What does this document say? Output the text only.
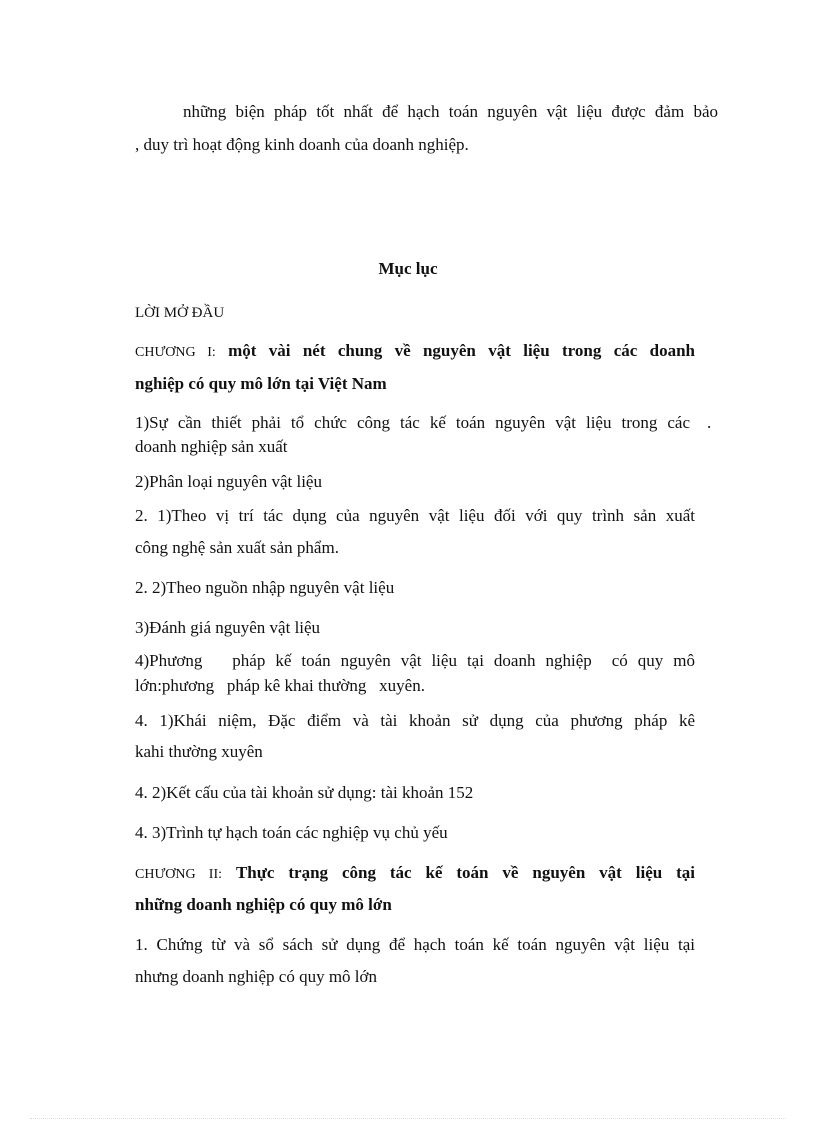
những biện pháp tốt nhất để hạch toán nguyên vật liệu được đảm bảo
, duy trì hoạt động kinh doanh của doanh nghiệp.
Mục lục
LỜI MỞ ĐẦU
CHƯƠNG I: một vài nét chung về nguyên vật liệu trong các doanh
nghiệp có quy mô lớn tại Việt Nam
1)Sự cần thiết phải tổ chức công tác kế toán nguyên vật liệu trong các .
doanh nghiệp sản xuất
2)Phân loại nguyên vật liệu
2. 1)Theo vị trí tác dụng của nguyên vật liệu đối với quy trình sản xuất
công nghệ sản xuất sản phẩm.
2. 2)Theo nguồn nhập nguyên vật liệu
3)Đánh giá nguyên vật liệu
4)Phương   pháp kế toán nguyên vật liệu tại doanh nghiệp  có quy mô
lớn:phương   pháp kê khai thường   xuyên.
4. 1)Khái niệm, Đặc điểm và tài khoản sử dụng của phương pháp kê
kahi thường xuyên
4. 2)Kết cấu của tài khoản sử dụng: tài khoản 152
4. 3)Trình tự hạch toán các nghiệp vụ chủ yếu
CHƯƠNG II: Thực trạng công tác kế toán về nguyên vật liệu tại
những doanh nghiệp có quy mô lớn
1. Chứng từ và sổ sách sử dụng để hạch toán kế toán nguyên vật liệu tại
nhưng doanh nghiệp có quy mô lớn
